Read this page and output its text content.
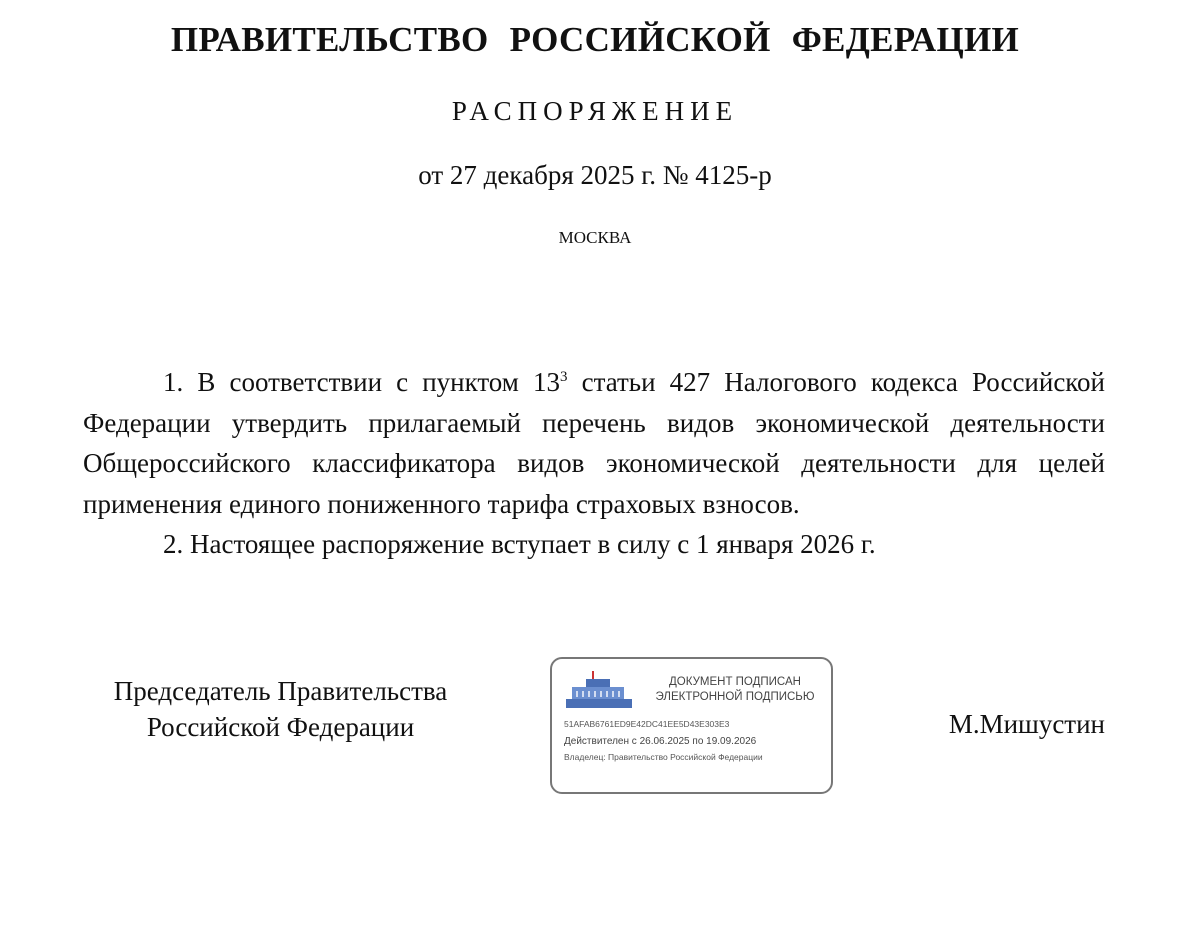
ПРАВИТЕЛЬСТВО РОССИЙСКОЙ ФЕДЕРАЦИИ
РАСПОРЯЖЕНИЕ
от 27 декабря 2025 г. № 4125-р
МОСКВА

1. В соответствии с пунктом $13^3$ статьи 427 Налогового кодекса Российской Федерации утвердить прилагаемый перечень видов экономической деятельности Общероссийского классификатора видов экономической деятельности для целей применения единого пониженного тарифа страховых взносов.

2. Настоящее распоряжение вступает в силу с 1 января 2026 г.

Председатель Правительства
Российской Федерации
ДОКУМЕНТ ПОДПИСАН
ЭЛЕКТРОННОЙ ПОДПИСЬЮ
51AFAB6761ED9E42DC41EE5D43E303E3
Действителен с 26.06.2025 по 19.09.2026
Владелец: Правительство Российской Федерации
М.Мишустин
